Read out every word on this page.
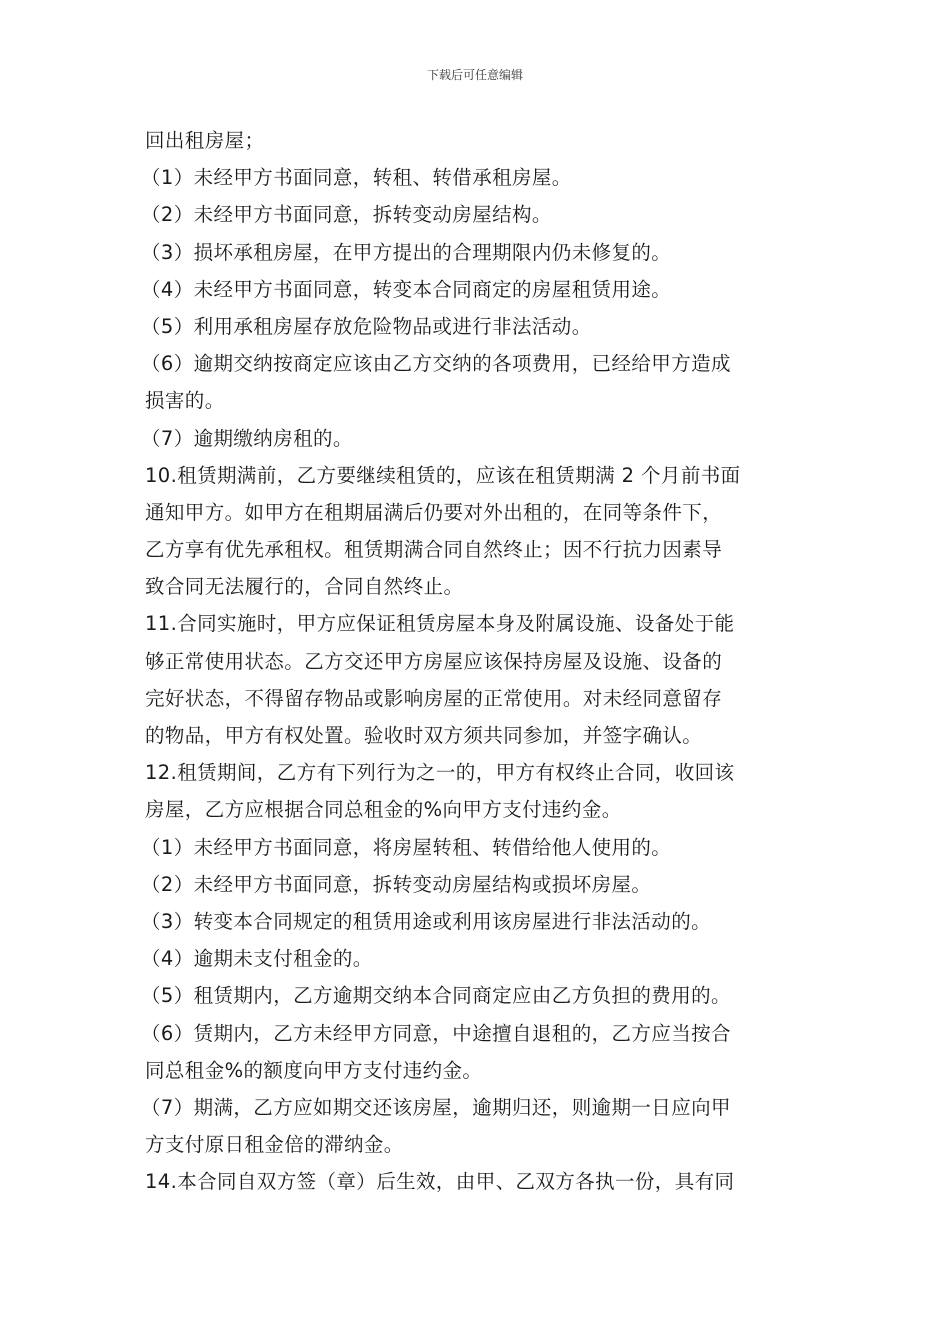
下载后可任意编辑
回出租房屋；
（1）未经甲方书面同意，转租、转借承租房屋。
（2）未经甲方书面同意，拆转变动房屋结构。
（3）损坏承租房屋，在甲方提出的合理期限内仍未修复的。
（4）未经甲方书面同意，转变本合同商定的房屋租赁用途。
（5）利用承租房屋存放危险物品或进行非法活动。
（6）逾期交纳按商定应该由乙方交纳的各项费用，已经给甲方造成
损害的。
（7）逾期缴纳房租的。
10.租赁期满前，乙方要继续租赁的，应该在租赁期满 2 个月前书面
通知甲方。如甲方在租期届满后仍要对外出租的，在同等条件下，
乙方享有优先承租权。租赁期满合同自然终止；因不行抗力因素导
致合同无法履行的，合同自然终止。
11.合同实施时，甲方应保证租赁房屋本身及附属设施、设备处于能
够正常使用状态。乙方交还甲方房屋应该保持房屋及设施、设备的
完好状态，不得留存物品或影响房屋的正常使用。对未经同意留存
的物品，甲方有权处置。验收时双方须共同参加，并签字确认。
12.租赁期间，乙方有下列行为之一的，甲方有权终止合同，收回该
房屋，乙方应根据合同总租金的%向甲方支付违约金。
（1）未经甲方书面同意，将房屋转租、转借给他人使用的。
（2）未经甲方书面同意，拆转变动房屋结构或损坏房屋。
（3）转变本合同规定的租赁用途或利用该房屋进行非法活动的。
（4）逾期未支付租金的。
（5）租赁期内，乙方逾期交纳本合同商定应由乙方负担的费用的。
（6）赁期内，乙方未经甲方同意，中途擅自退租的，乙方应当按合
同总租金%的额度向甲方支付违约金。
（7）期满，乙方应如期交还该房屋，逾期归还，则逾期一日应向甲
方支付原日租金倍的滞纳金。
14.本合同自双方签（章）后生效，由甲、乙双方各执一份，具有同
